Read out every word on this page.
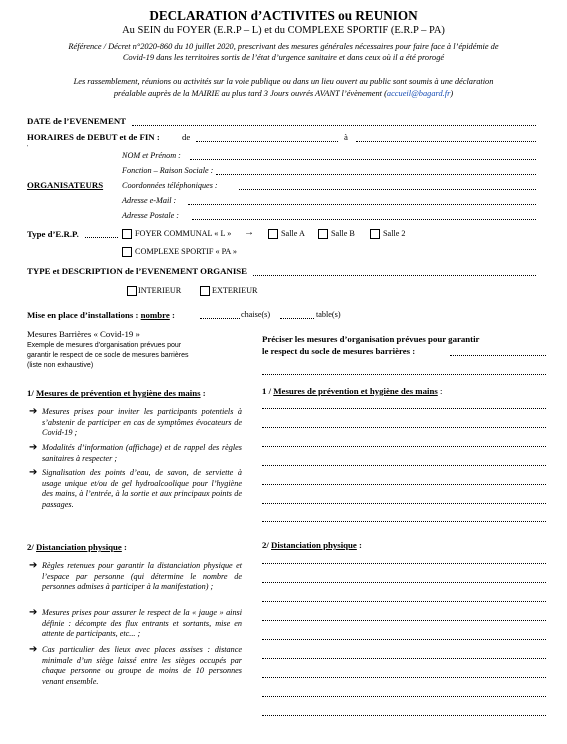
DECLARATION d’ACTIVITES ou REUNION
Au SEIN du FOYER (E.R.P – L) et du COMPLEXE SPORTIF (E.R.P – PA)
Référence / Décret n°2020-860 du 10 juillet 2020, prescrivant des mesures générales nécessaires pour faire face à l’épidémie de
Covid-19 dans les territoires sortis de l’état d’urgence sanitaire et dans ceux où il a été prorogé
Les rassemblement, réunions ou activités sur la voie publique ou dans un lieu ouvert au public sont soumis à une déclaration
préalable auprès de la MAIRIE au plus tard 3 Jours ouvrés AVANT l’évènement (accueil@bagard.fr)
DATE de l’EVENEMENT
HORAIRES de DEBUT et de FIN :	de	à
'
ORGANISATEURS
NOM et Prénom :
Fonction – Raison Sociale :
Coordonnées téléphoniques :
Adresse e-Mail :
Adresse Postale :
Type d’E.R.P.	FOYER COMMUNAL « L » →	Salle A	Salle B	Salle 2
COMPLEXE SPORTIF « PA »
TYPE et DESCRIPTION de l’EVENEMENT ORGANISE
INTERIEUR	EXTERIEUR
Mise en place d’installations : nombre :	chaise(s)	table(s)
Mesures Barrières « Covid-19 »
Exemple de mesures d’organisation prévues pour
garantir le respect de ce socle de mesures barrières
(liste non exhaustive)
1/ Mesures de prévention et hygiène des mains :
➔ Mesures prises pour inviter les participants potentiels à s’abstenir de participer en cas de symptômes évocateurs de Covid-19 ;
➔ Modalités d’information (affichage) et de rappel des règles sanitaires à respecter ;
➔ Signalisation des points d’eau, de savon, de serviette à usage unique et/ou de gel hydroalcoolique pour l’hygiène des mains, à l’entrée, à la sortie et aux principaux points de passages.
2/ Distanciation physique :
➔ Règles retenues pour garantir la distanciation physique et l’espace par personne (qui détermine le nombre de personnes admises à participer à la manifestation) ;
➔ Mesures prises pour assurer le respect de la « jauge » ainsi définie : décompte des flux entrants et sortants, mise en attente de participants, etc... ;
➔ Cas particulier des lieux avec places assises : distance minimale d’un siège laissé entre les sièges occupés par chaque personne ou groupe de moins de 10 personnes venant ensemble.
Préciser les mesures d’organisation prévues pour garantir
le respect du socle de mesures barrières :
1 / Mesures de prévention et hygiène des mains :
2/ Distanciation physique :
